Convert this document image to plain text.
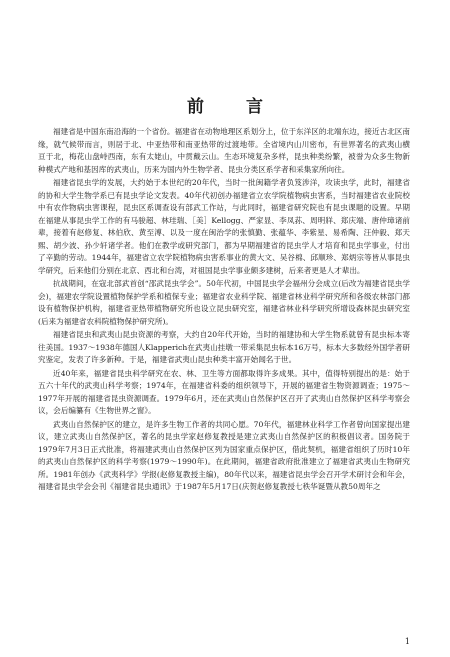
前 言

福建省是中国东南沿海的一个省份。福建省在动物地理区系划分上，位于东洋区的北端东边，接近古北区南缘，就气候带而言，则居于北、中亚热带和南亚热带的过渡地带。全省境内山川密布，有世界著名的武夷山横亘于北，梅花山盘峙西南，东有太姥山，中贯戴云山。生态环境复杂多样，昆虫种类纷繁，被誉为众多生物新种模式产地和基因库的武夷山，历来为国内外生物学者、昆虫分类区系学者和采集家所向往。

福建省昆虫学的发展，大约始于本世纪的20年代，当时一批闽籍学者负笈涉洋，攻读虫学，此时，福建省的协和大学生物学系已有昆虫学论文发表。40年代初创办福建省立农学院植物病虫害系，当时福建省农业院校中有农作物病虫害课程，昆虫区系调查设有部武工作站，与此同时，福建省研究院也有昆虫课题的设置。早期在福建从事昆虫学工作的有马骏超、林珪瑞、［美］Kellogg、严家显、李凤荪、周明牂、郑庆端、唐仲璋诸前辈，接着有赵修复、林伯欣、黄至溥、以及一度在闽治学的张慎勤、张蕴华、李紫星、易希陶、汪仲毅、郑天熙、胡少波、孙少轩诸学者。他们在教学或研究部门，都为早期福建省的昆虫学人才培育和昆虫学事业，付出了辛勤的劳动。1944年，福建省立农学院植物病虫害系事业的黄大文、吴谷棉、邱顺珍、郑炳宗等皆从事昆虫学研究，后来他们分别在北京、西北和台湾，对祖国昆虫学事业颇多建树，后来者更是人才辈出。

抗战期间，在寇北部武首创“邵武昆虫学会”。50年代初，中国昆虫学会福州分会成立(后改为福建省昆虫学会)，福建农学院设置植物保护学系和植保专业；福建省农业科学院、福建省林业科学研究所和各级农林部门都设有植物保护机构，福建省亚热带植物研究所也设立昆虫研究室，福建省林业科学研究所增设森林昆虫研究室(后来为福建省农科院植物保护研究所)。

福建省昆虫和武夷山昆虫资源的考察，大约自20年代开始，当时的福建协和大学生物系就曾有昆虫标本寄往美国。1937～1938年德国人Klapperich在武夷山挂墩一带采集昆虫标本16万号，标本大多数经外国学者研究鉴定，发表了许多新种。于是，福建省武夷山昆虫种类丰富开始闻名于世。

近40年来，福建省昆虫科学研究在农、林、卫生等方面都取得许多成果。其中，值得特别提出的是：始于五六十年代的武夷山科学考察；1974年，在福建省科委的组织领导下，开展的福建省生物资源调查；1975～1977年开展的福建省昆虫资源调查。1979年6月，还在武夷山自然保护区召开了武夷山自然保护区科学考察会议，会后编纂有《生物世界之窗》。

武夷山自然保护区的建立，是许多生物工作者的共同心愿。70年代，福建林业科学工作者曾向国家提出建议，建立武夷山自然保护区，著名的昆虫学家赵修复教授是建立武夷山自然保护区的积极倡议者。国务院于1979年7月3日正式批准，将福建武夷山自然保护区列为国家重点保护区，借此契机，福建省组织了历时10年的武夷山自然保护区的科学考察(1979～1990年)。在此期间，福建省政府批准建立了福建省武夷山生物研究所。1981年创办《武夷科学》学报(赵修复教授主编)，80年代以来，福建省昆虫学会召开学术研讨会和年会，福建省昆虫学会会刊《福建省昆虫通讯》于1987年5月17日(庆贺赵修复教授七秩华诞暨从教50周年之

1
